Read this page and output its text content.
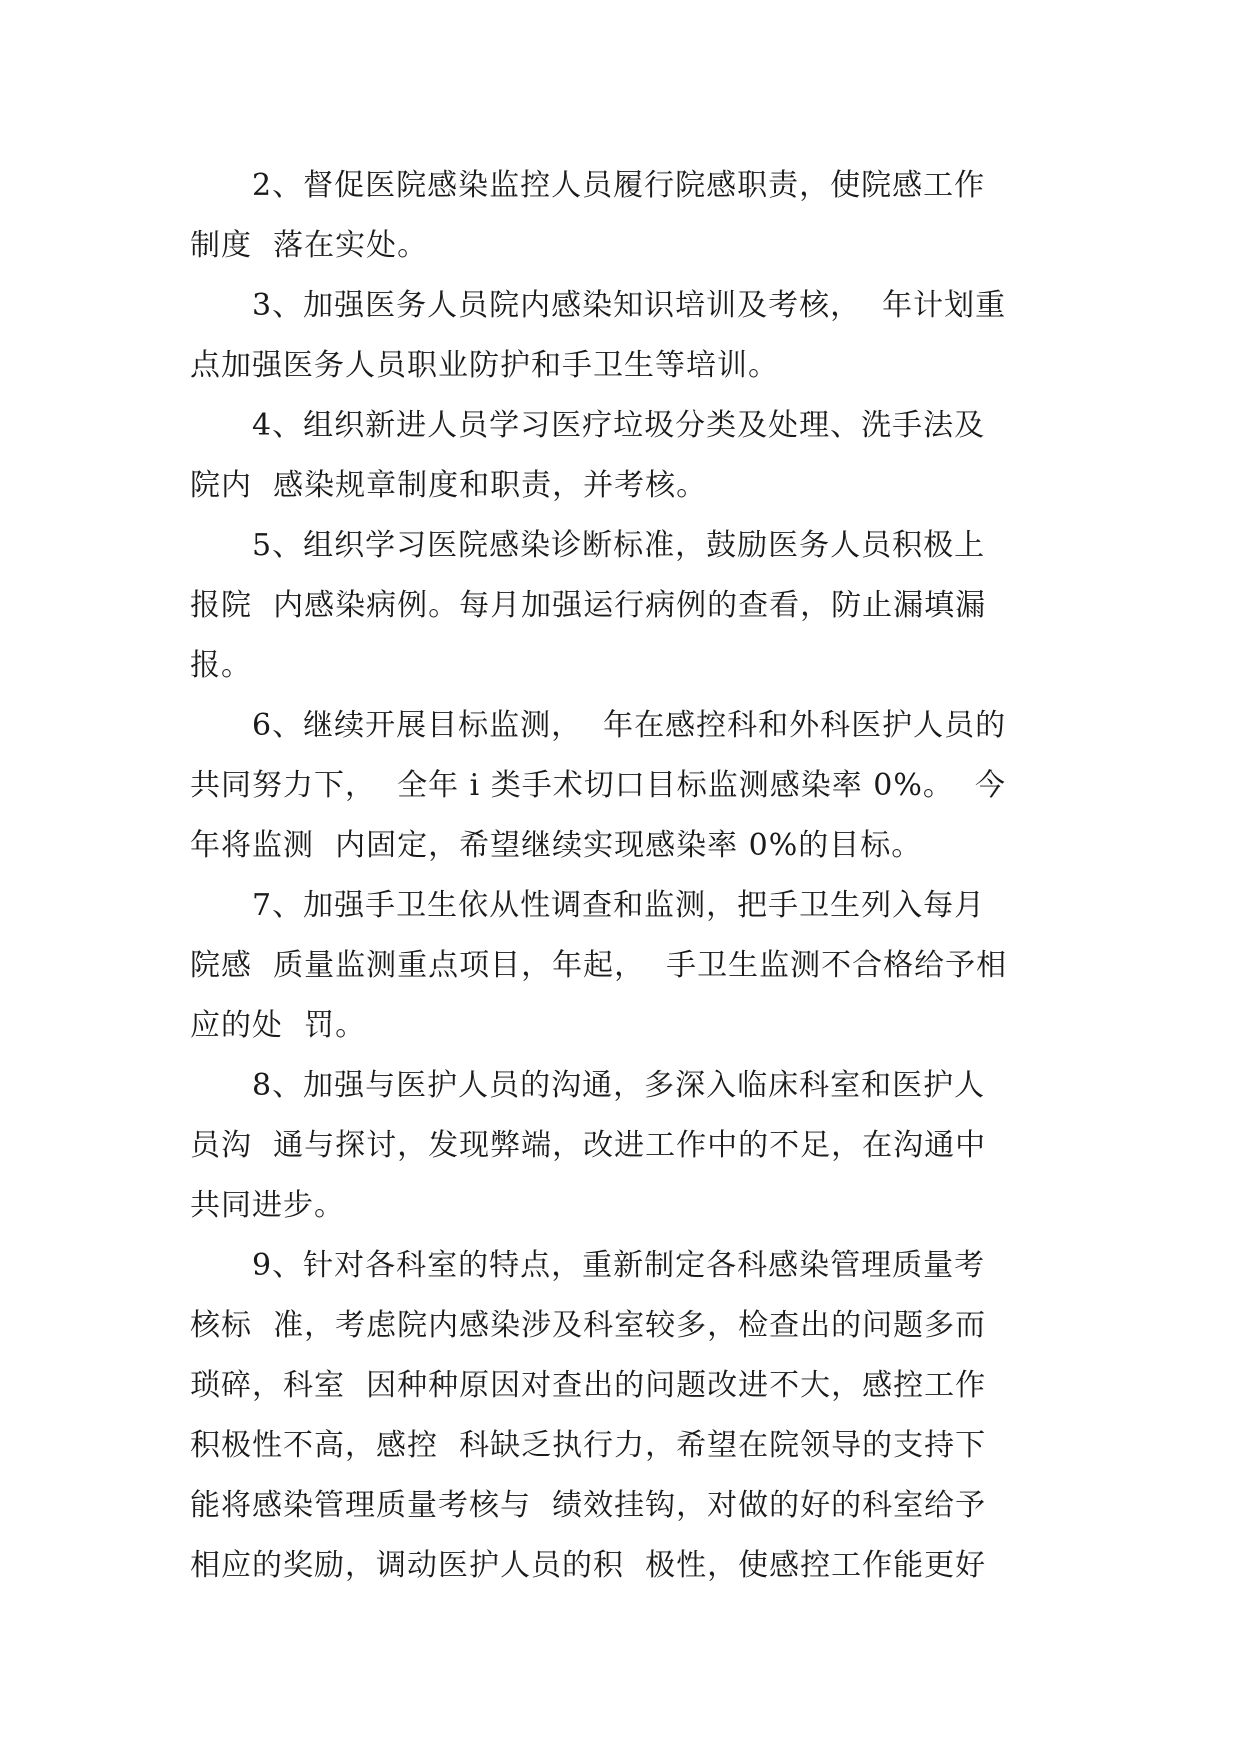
2、督促医院感染监控人员履行院感职责，使院感工作
制度  落在实处。
3、加强医务人员院内感染知识培训及考核，  年计划重
点加强医务人员职业防护和手卫生等培训。
4、组织新进人员学习医疗垃圾分类及处理、洗手法及
院内  感染规章制度和职责，并考核。
5、组织学习医院感染诊断标准，鼓励医务人员积极上
报院  内感染病例。每月加强运行病例的查看，防止漏填漏
报。
6、继续开展目标监测，  年在感控科和外科医护人员的
共同努力下，  全年 i 类手术切口目标监测感染率 0%。  今
年将监测  内固定，希望继续实现感染率 0%的目标。
7、加强手卫生依从性调查和监测，把手卫生列入每月
院感  质量监测重点项目，年起，  手卫生监测不合格给予相
应的处  罚。
8、加强与医护人员的沟通，多深入临床科室和医护人
员沟  通与探讨，发现弊端，改进工作中的不足，在沟通中
共同进步。
9、针对各科室的特点，重新制定各科感染管理质量考
核标  准，考虑院内感染涉及科室较多，检查出的问题多而
琐碎，科室  因种种原因对查出的问题改进不大，感控工作
积极性不高，感控  科缺乏执行力，希望在院领导的支持下
能将感染管理质量考核与  绩效挂钩，对做的好的科室给予
相应的奖励，调动医护人员的积  极性，使感控工作能更好
